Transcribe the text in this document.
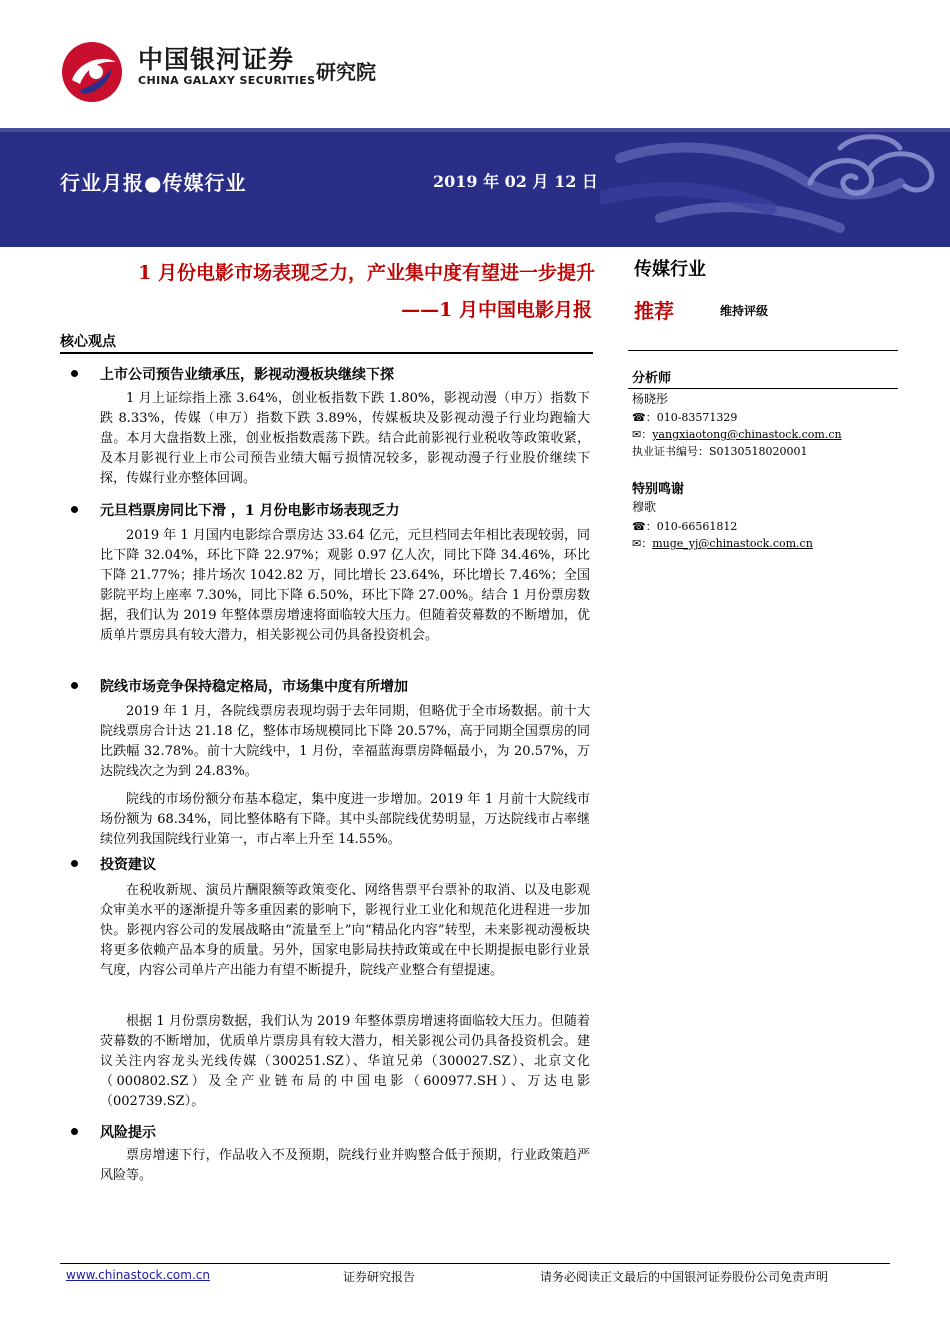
中国银河证券
CHINA GALAXY SECURITIES 研究院
行业月报●传媒行业	2019 年 02 月 12 日
1 月份电影市场表现乏力，产业集中度有望进一步提升
——1 月中国电影月报
核心观点
上市公司预告业绩承压，影视动漫板块继续下探
1 月上证综指上涨 3.64%，创业板指数下跌 1.80%，影视动漫（申万）指数下跌 8.33%，传媒（申万）指数下跌 3.89%，传媒板块及影视动漫子行业均跑输大盘。本月大盘指数上涨，创业板指数震荡下跌。结合此前影视行业税收等政策收紧，及本月影视行业上市公司预告业绩大幅亏损情况较多，影视动漫子行业股价继续下探，传媒行业亦整体回调。
元旦档票房同比下滑 ，1 月份电影市场表现乏力
2019 年 1 月国内电影综合票房达 33.64 亿元，元旦档同去年相比表现较弱，同比下降 32.04%，环比下降 22.97%；观影 0.97 亿人次，同比下降 34.46%，环比下降 21.77%；排片场次 1042.82 万，同比增长 23.64%，环比增长 7.46%；全国影院平均上座率 7.30%，同比下降 6.50%，环比下降 27.00%。结合 1 月份票房数据，我们认为 2019 年整体票房增速将面临较大压力。但随着荧幕数的不断增加，优质单片票房具有较大潜力，相关影视公司仍具备投资机会。
院线市场竞争保持稳定格局，市场集中度有所增加
2019 年 1 月，各院线票房表现均弱于去年同期，但略优于全市场数据。前十大院线票房合计达 21.18 亿，整体市场规模同比下降 20.57%，高于同期全国票房的同比跌幅 32.78%。前十大院线中，1 月份，幸福蓝海票房降幅最小，为 20.57%，万达院线次之为到 24.83%。
院线的市场份额分布基本稳定，集中度进一步增加。2019 年 1 月前十大院线市场份额为 68.34%，同比整体略有下降。其中头部院线优势明显，万达院线市占率继续位列我国院线行业第一，市占率上升至 14.55%。
投资建议
在税收新规、演员片酬限额等政策变化、网络售票平台票补的取消、以及电影观众审美水平的逐渐提升等多重因素的影响下，影视行业工业化和规范化进程进一步加快。影视内容公司的发展战略由“流量至上”向“精品化内容”转型，未来影视动漫板块将更多依赖产品本身的质量。另外，国家电影局扶持政策或在中长期提振电影行业景气度，内容公司单片产出能力有望不断提升，院线产业整合有望提速。
根据 1 月份票房数据，我们认为 2019 年整体票房增速将面临较大压力。但随着荧幕数的不断增加，优质单片票房具有较大潜力，相关影视公司仍具备投资机会。建议关注内容龙头光线传媒（300251.SZ）、华谊兄弟（300027.SZ）、北京文化（000802.SZ）及全产业链布局的中国电影（600977.SH）、万达电影（002739.SZ）。
风险提示
票房增速下行，作品收入不及预期，院线行业并购整合低于预期，行业政策趋严风险等。
传媒行业
推荐	维持评级
分析师
杨晓彤
☎：010-83571329
✉：yangxiaotong@chinastock.com.cn
执业证书编号：S0130518020001
特别鸣谢
穆歌
☎：010-66561812
✉：muge_yj@chinastock.com.cn
www.chinastock.com.cn	证券研究报告	请务必阅读正文最后的中国银河证券股份公司免责声明
